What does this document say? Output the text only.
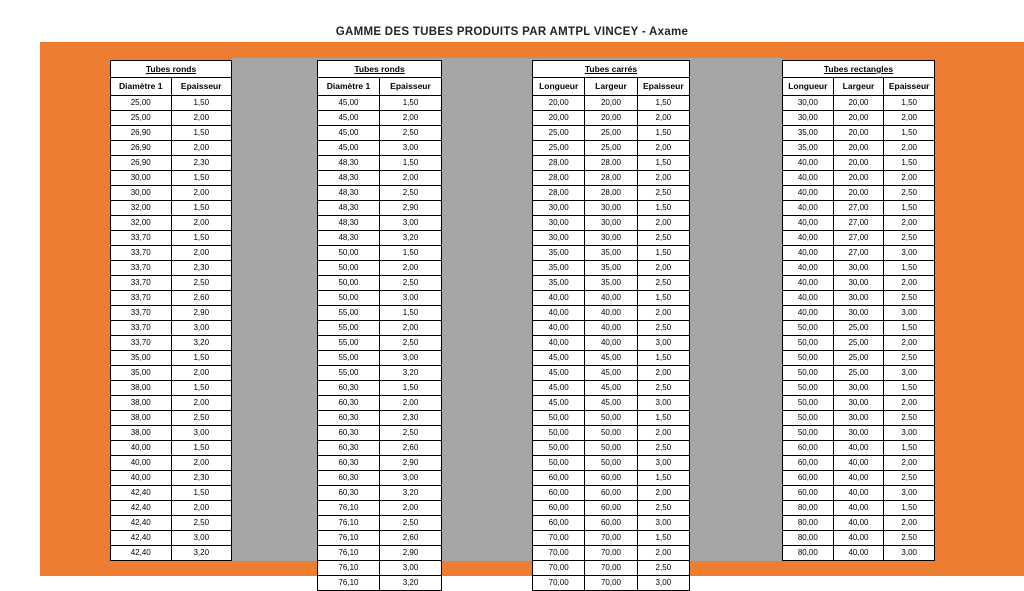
GAMME DES TUBES PRODUITS PAR AMTPL VINCEY - Axame
Tubes ronds
Diamètre 1	Epaisseur
25,00	1,50
25,00	2,00
26,90	1,50
26,90	2,00
26,90	2,30
30,00	1,50
30,00	2,00
32,00	1,50
32,00	2,00
33,70	1,50
33,70	2,00
33,70	2,30
33,70	2,50
33,70	2,60
33,70	2,90
33,70	3,00
33,70	3,20
35,00	1,50
35,00	2,00
38,00	1,50
38,00	2,00
38,00	2,50
38,00	3,00
40,00	1,50
40,00	2,00
40,00	2,30
42,40	1,50
42,40	2,00
42,40	2,50
42,40	3,00
42,40	3,20
Tubes ronds
Diamètre 1	Epaisseur
45,00	1,50
45,00	2,00
45,00	2,50
45,00	3,00
48,30	1,50
48,30	2,00
48,30	2,50
48,30	2,90
48,30	3,00
48,30	3,20
50,00	1,50
50,00	2,00
50,00	2,50
50,00	3,00
55,00	1,50
55,00	2,00
55,00	2,50
55,00	3,00
55,00	3,20
60,30	1,50
60,30	2,00
60,30	2,30
60,30	2,50
60,30	2,60
60,30	2,90
60,30	3,00
60,30	3,20
76,10	2,00
76,10	2,50
76,10	2,60
76,10	2,90
76,10	3,00
76,10	3,20
Tubes carrés
Longueur	Largeur	Epaisseur
20,00	20,00	1,50
20,00	20,00	2,00
25,00	25,00	1,50
25,00	25,00	2,00
28,00	28,00	1,50
28,00	28,00	2,00
28,00	28,00	2,50
30,00	30,00	1,50
30,00	30,00	2,00
30,00	30,00	2,50
35,00	35,00	1,50
35,00	35,00	2,00
35,00	35,00	2,50
40,00	40,00	1,50
40,00	40,00	2,00
40,00	40,00	2,50
40,00	40,00	3,00
45,00	45,00	1,50
45,00	45,00	2,00
45,00	45,00	2,50
45,00	45,00	3,00
50,00	50,00	1,50
50,00	50,00	2,00
50,00	50,00	2,50
50,00	50,00	3,00
60,00	60,00	1,50
60,00	60,00	2,00
60,00	60,00	2,50
60,00	60,00	3,00
70,00	70,00	1,50
70,00	70,00	2,00
70,00	70,00	2,50
70,00	70,00	3,00
Tubes rectangles
Longueur	Largeur	Epaisseur
30,00	20,00	1,50
30,00	20,00	2,00
35,00	20,00	1,50
35,00	20,00	2,00
40,00	20,00	1,50
40,00	20,00	2,00
40,00	20,00	2,50
40,00	27,00	1,50
40,00	27,00	2,00
40,00	27,00	2,50
40,00	27,00	3,00
40,00	30,00	1,50
40,00	30,00	2,00
40,00	30,00	2,50
40,00	30,00	3,00
50,00	25,00	1,50
50,00	25,00	2,00
50,00	25,00	2,50
50,00	25,00	3,00
50,00	30,00	1,50
50,00	30,00	2,00
50,00	30,00	2,50
50,00	30,00	3,00
60,00	40,00	1,50
60,00	40,00	2,00
60,00	40,00	2,50
60,00	40,00	3,00
80,00	40,00	1,50
80,00	40,00	2,00
80,00	40,00	2,50
80,00	40,00	3,00
